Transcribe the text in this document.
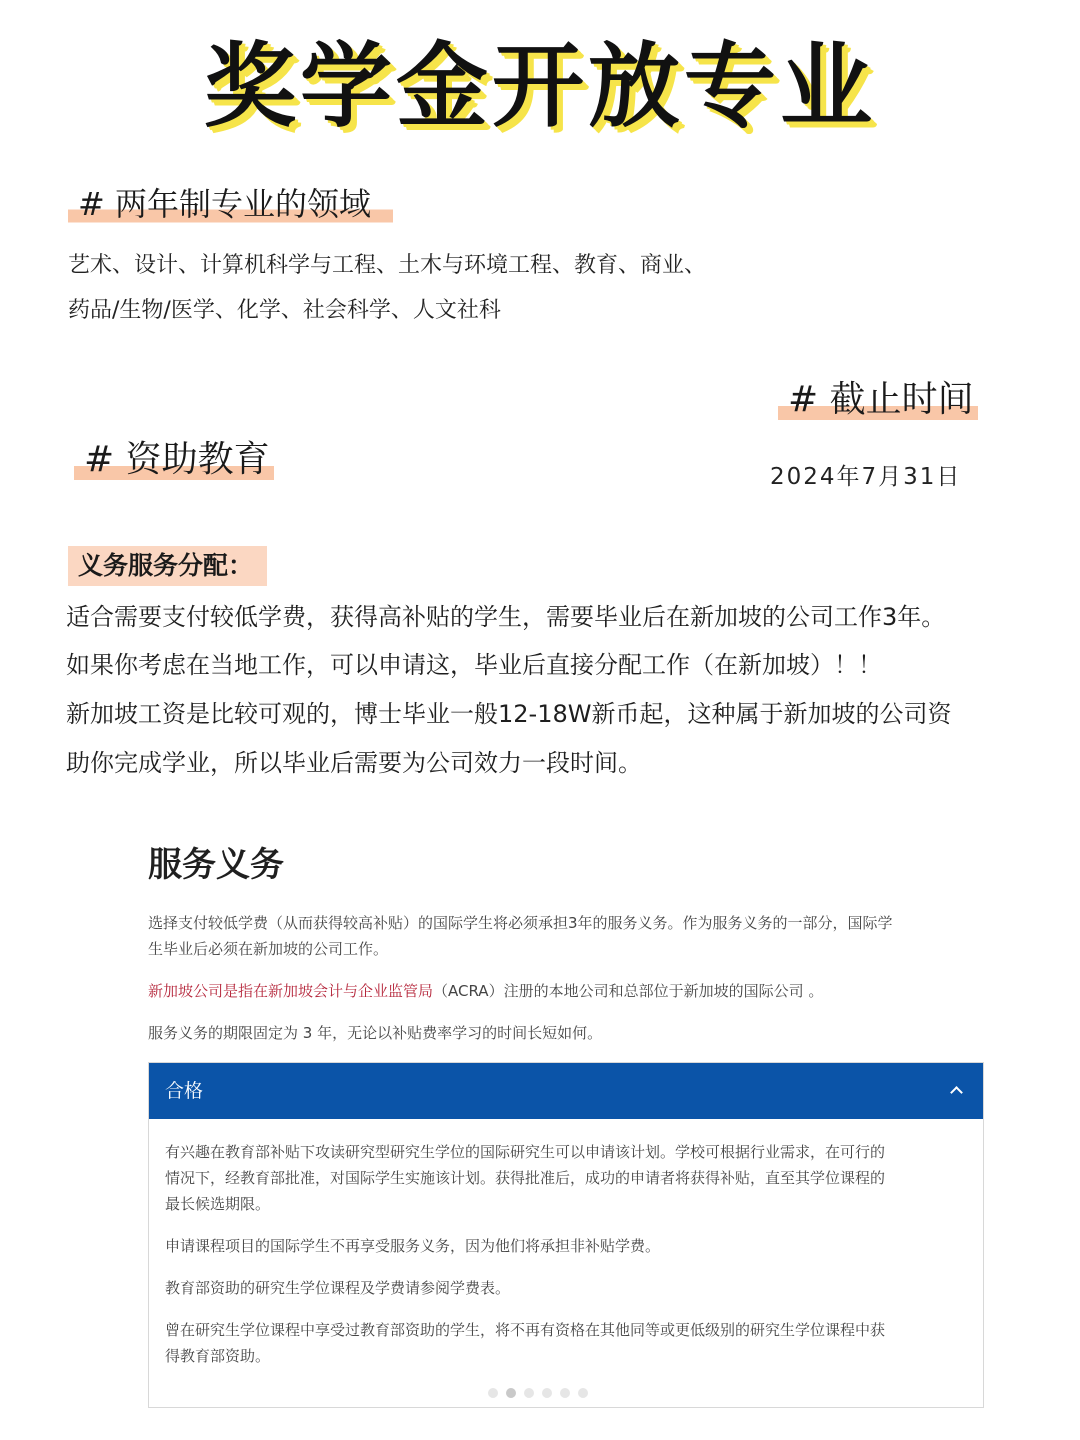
奖学金开放专业
# 两年制专业的领域
艺术、设计、计算机科学与工程、土木与环境工程、教育、商业、
药品/生物/医学、化学、社会科学、人文社科
# 截止时间
2024年7月31日
# 资助教育
义务服务分配：
适合需要支付较低学费，获得高补贴的学生，需要毕业后在新加坡的公司工作3年。
如果你考虑在当地工作，可以申请这，毕业后直接分配工作（在新加坡）！！
新加坡工资是比较可观的，博士毕业一般12-18W新币起，这种属于新加坡的公司资
助你完成学业，所以毕业后需要为公司效力一段时间。
服务义务
选择支付较低学费（从而获得较高补贴）的国际学生将必须承担3年的服务义务。作为服务义务的一部分，国际学
生毕业后必须在新加坡的公司工作。
新加坡公司是指在新加坡会计与企业监管局（ACRA）注册的本地公司和总部位于新加坡的国际公司 。
服务义务的期限固定为 3 年，无论以补贴费率学习的时间长短如何。
合格

有兴趣在教育部补贴下攻读研究型研究生学位的国际研究生可以申请该计划。学校可根据行业需求，在可行的
情况下，经教育部批准，对国际学生实施该计划。获得批准后，成功的申请者将获得补贴，直至其学位课程的
最长候选期限。

申请课程项目的国际学生不再享受服务义务，因为他们将承担非补贴学费。

教育部资助的研究生学位课程及学费请参阅学费表。

曾在研究生学位课程中享受过教育部资助的学生，将不再有资格在其他同等或更低级别的研究生学位课程中获
得教育部资助。
